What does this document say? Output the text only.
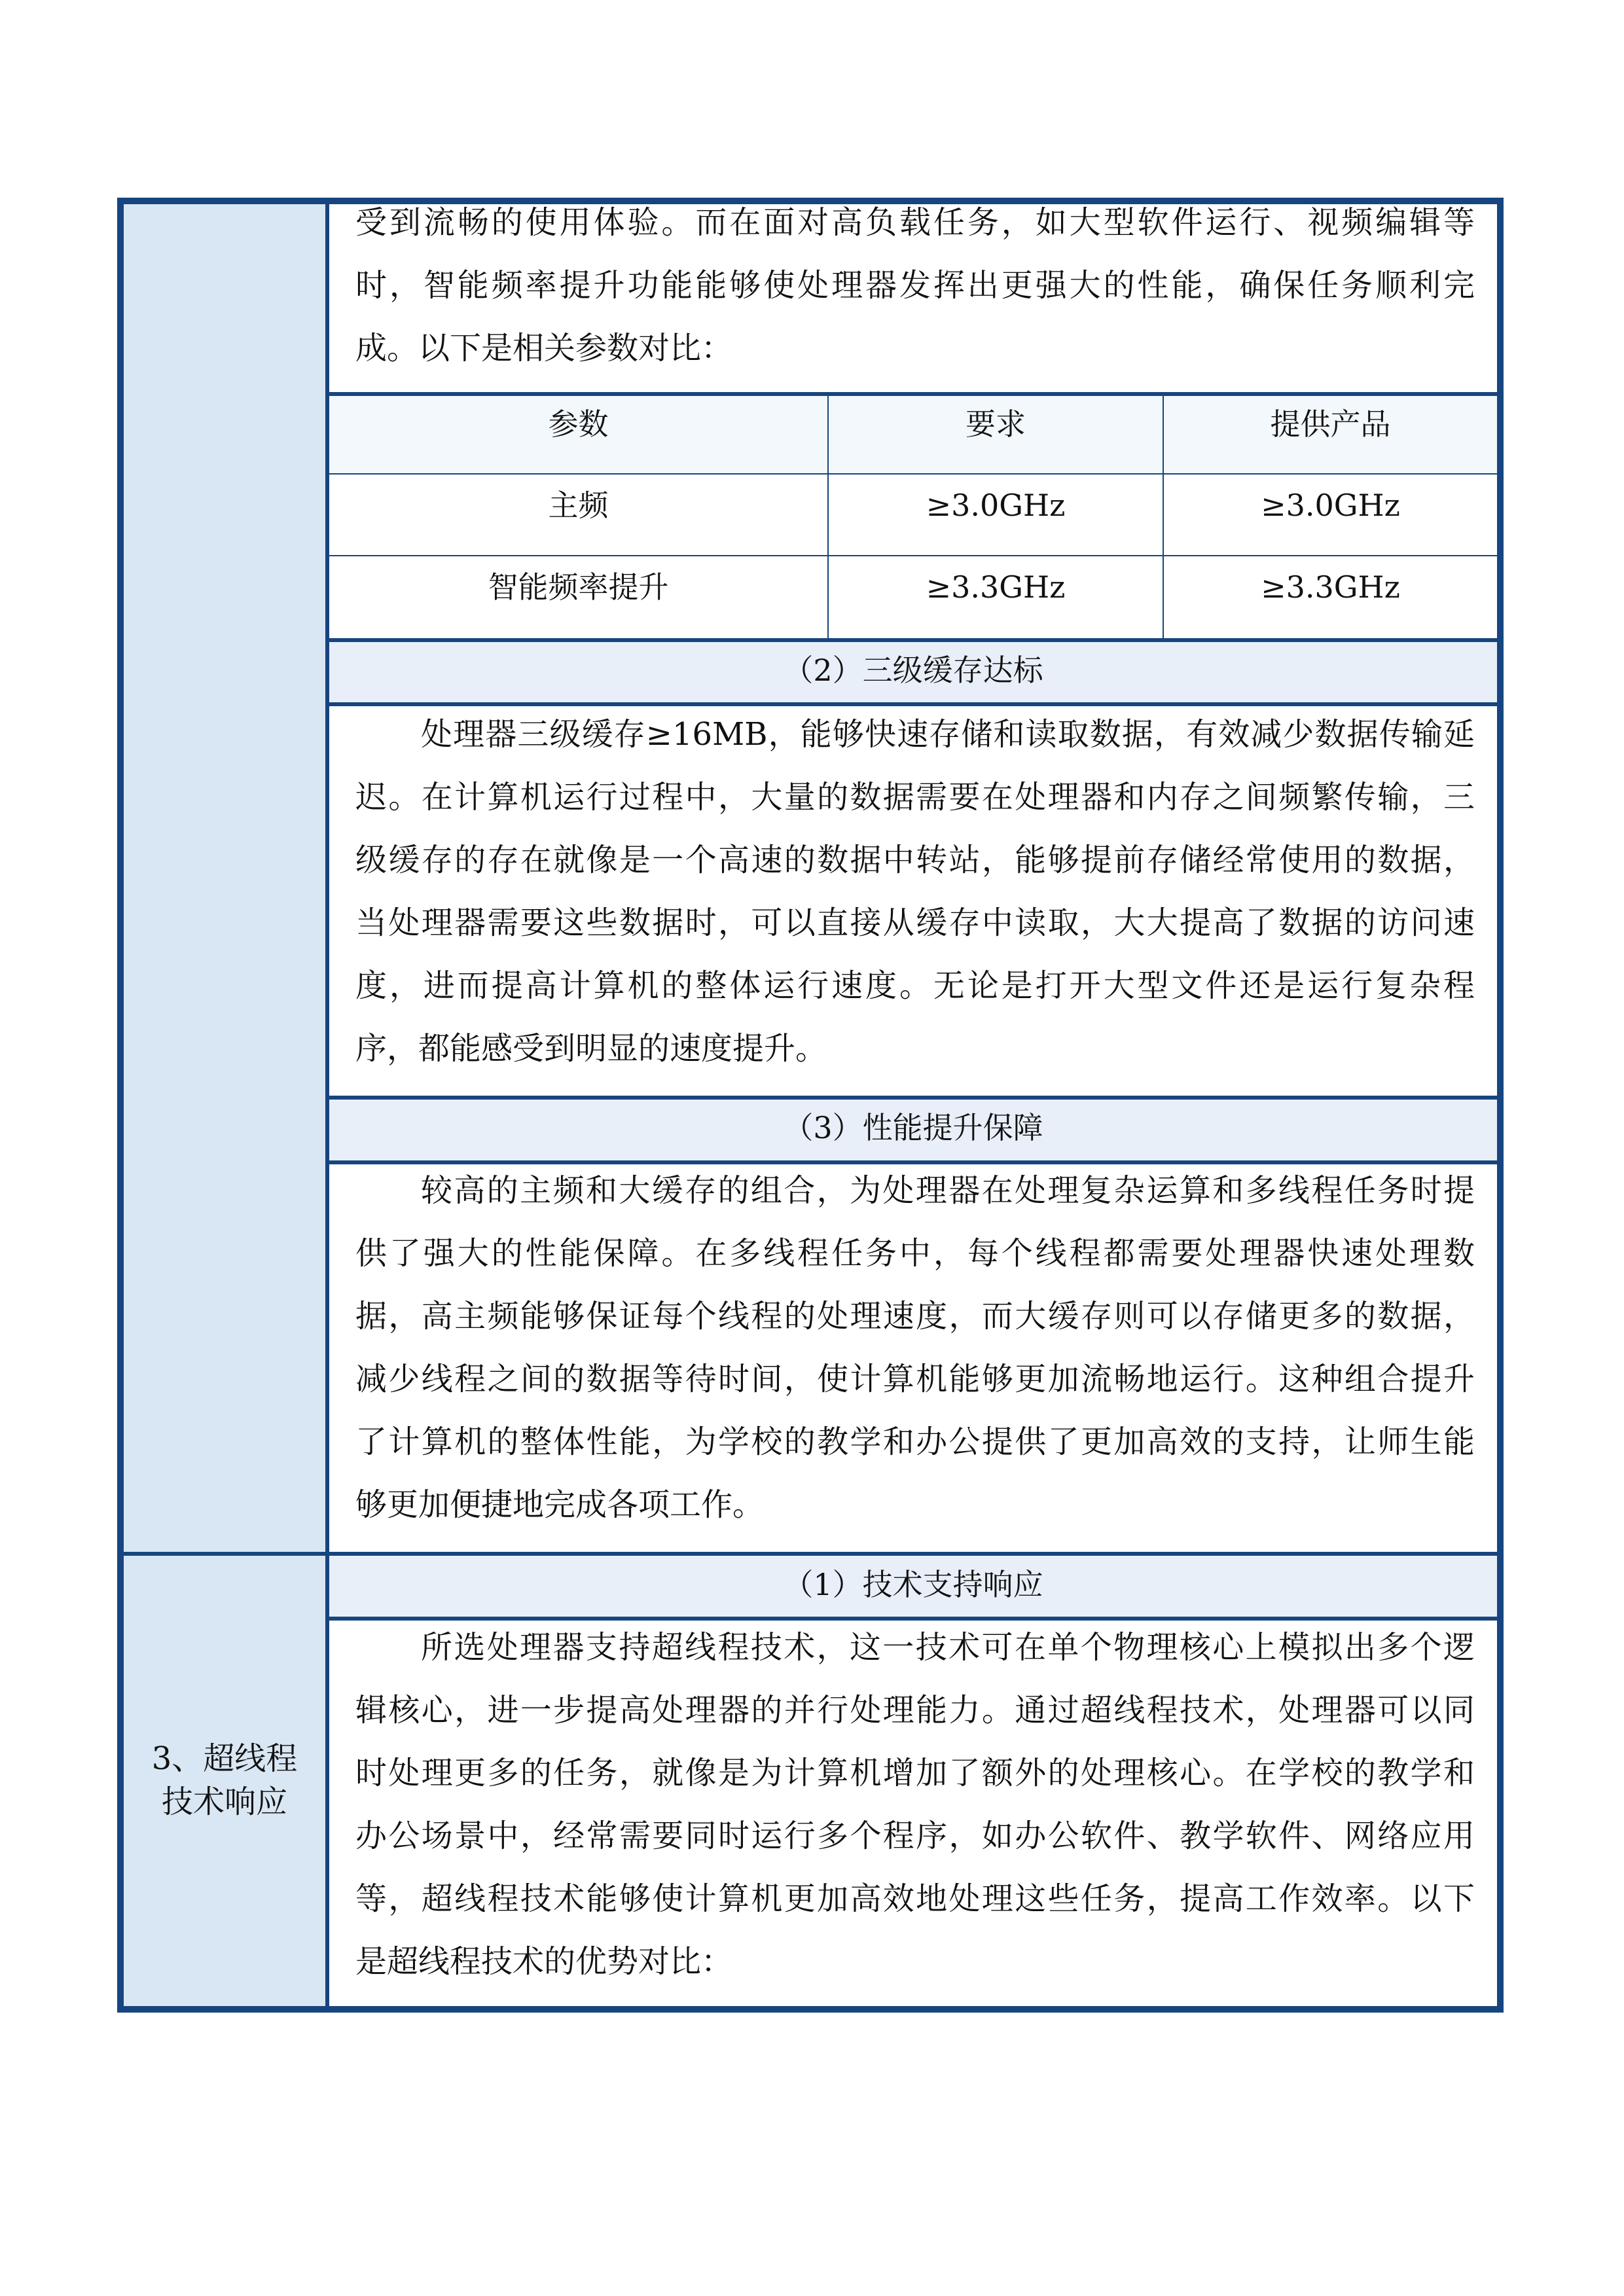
受到流畅的使用体验。而在面对高负载任务，如大型软件运行、视频编辑等
时，智能频率提升功能能够使处理器发挥出更强大的性能，确保任务顺利完
成。以下是相关参数对比：
参数	要求	提供产品
主频	≥3.0GHz	≥3.0GHz
智能频率提升	≥3.3GHz	≥3.3GHz
（2）三级缓存达标
处理器三级缓存≥16MB，能够快速存储和读取数据，有效减少数据传输延
迟。在计算机运行过程中，大量的数据需要在处理器和内存之间频繁传输，三
级缓存的存在就像是一个高速的数据中转站，能够提前存储经常使用的数据，
当处理器需要这些数据时，可以直接从缓存中读取，大大提高了数据的访问速
度，进而提高计算机的整体运行速度。无论是打开大型文件还是运行复杂程
序，都能感受到明显的速度提升。
（3）性能提升保障
较高的主频和大缓存的组合，为处理器在处理复杂运算和多线程任务时提
供了强大的性能保障。在多线程任务中，每个线程都需要处理器快速处理数
据，高主频能够保证每个线程的处理速度，而大缓存则可以存储更多的数据，
减少线程之间的数据等待时间，使计算机能够更加流畅地运行。这种组合提升
了计算机的整体性能，为学校的教学和办公提供了更加高效的支持，让师生能
够更加便捷地完成各项工作。
3、超线程
技术响应
（1）技术支持响应
所选处理器支持超线程技术，这一技术可在单个物理核心上模拟出多个逻
辑核心，进一步提高处理器的并行处理能力。通过超线程技术，处理器可以同
时处理更多的任务，就像是为计算机增加了额外的处理核心。在学校的教学和
办公场景中，经常需要同时运行多个程序，如办公软件、教学软件、网络应用
等，超线程技术能够使计算机更加高效地处理这些任务，提高工作效率。以下
是超线程技术的优势对比：
